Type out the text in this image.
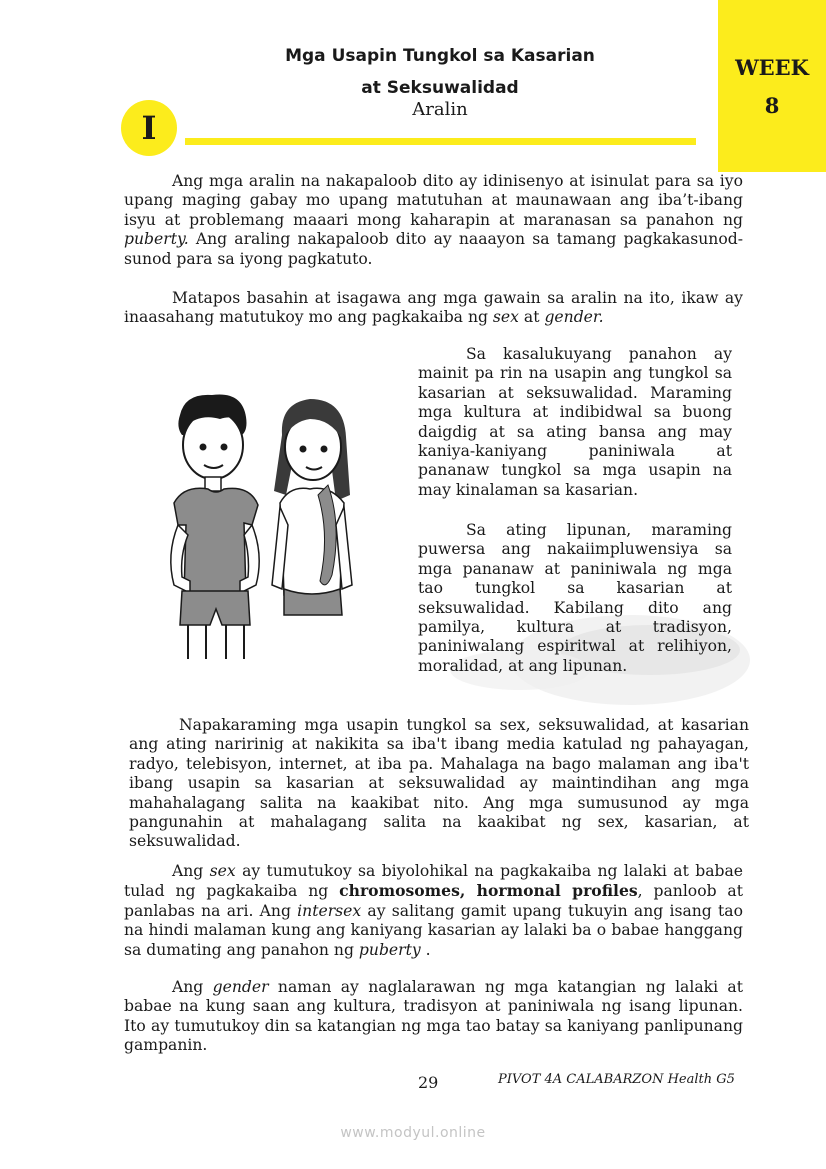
WEEK
8
Mga Usapin Tungkol sa Kasarian
at Seksuwalidad
Aralin
I
Ang mga aralin na nakapaloob dito ay idinisenyo at isinulat para sa iyo upang maging gabay mo upang matutuhan at maunawaan ang iba’t-ibang isyu at problemang maaari mong kaharapin at maranasan sa panahon ng puberty. Ang araling nakapaloob dito ay naaayon sa tamang pagkakasunod-sunod para sa iyong pagkatuto.
Matapos basahin at isagawa ang mga gawain sa aralin na ito, ikaw ay inaasahang matutukoy mo ang pagkakaiba ng sex at gender.
Sa kasalukuyang panahon ay mainit pa rin na usapin ang tungkol sa kasarian at seksuwalidad. Maraming mga kultura at indibidwal sa buong daigdig at sa ating bansa ang may kaniya-kaniyang paniniwala at pananaw tungkol sa mga usapin na may kinalaman sa kasarian.
Sa ating lipunan, maraming puwersa ang nakaiimpluwensiya sa mga pananaw at paniniwala ng mga tao tungkol sa kasarian at seksuwalidad. Kabilang dito ang pamilya, kultura at tradisyon, paniniwalang espiritwal at relihiyon, moralidad, at ang lipunan.
Napakaraming mga usapin tungkol sa sex, seksuwalidad, at kasarian ang ating naririnig at nakikita sa iba't ibang media katulad ng pahayagan, radyo, telebisyon, internet, at iba pa. Mahalaga na bago malaman ang iba't ibang usapin sa kasarian at seksuwalidad ay maintindihan ang mga mahahalagang salita na kaakibat nito. Ang mga sumusunod ay mga pangunahin at mahalagang salita na kaakibat ng sex, kasarian, at seksuwalidad.
Ang sex ay tumutukoy sa biyolohikal na pagkakaiba ng lalaki at babae tulad ng pagkakaiba ng chromosomes, hormonal profiles, panloob at panlabas na ari. Ang intersex ay salitang gamit upang tukuyin ang isang tao na hindi malaman kung ang kaniyang kasarian ay lalaki ba o babae hanggang sa dumating ang panahon ng puberty .
Ang gender naman ay naglalarawan ng mga katangian ng lalaki at babae na kung saan ang kultura, tradisyon at paniniwala ng isang lipunan. Ito ay tumutukoy din sa katangian ng mga tao batay sa kaniyang panlipunang gampanin.
29	PIVOT 4A CALABARZON Health G5
www.modyul.online
